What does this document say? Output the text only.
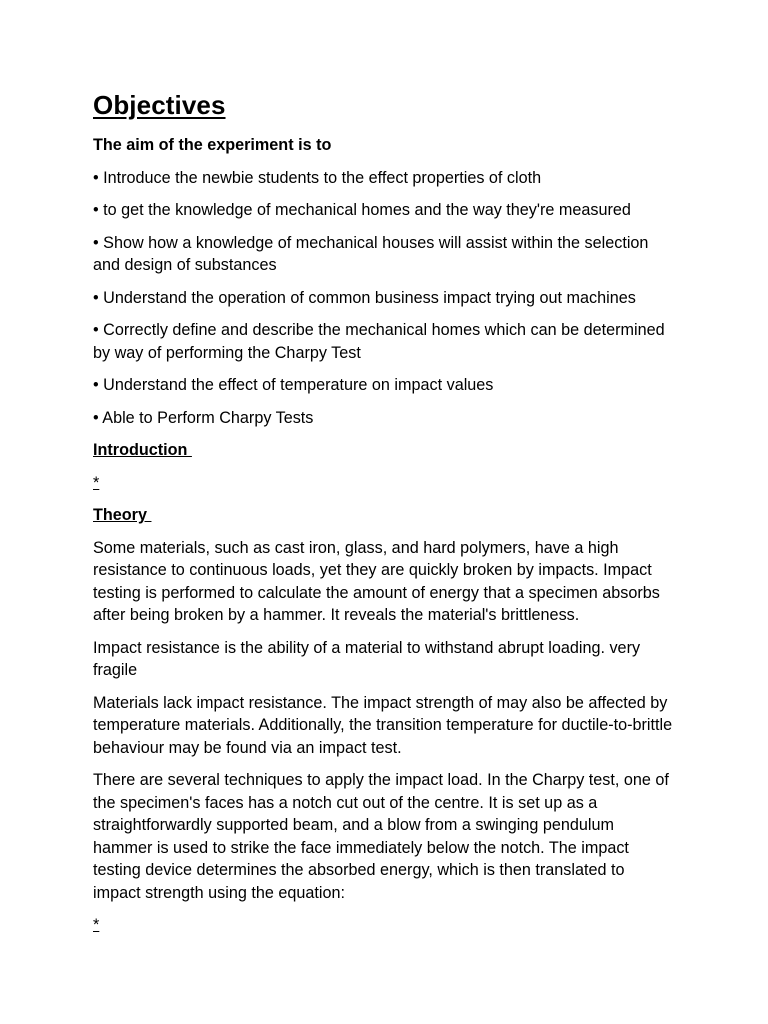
Objectives
The aim of the experiment is to
• Introduce the newbie students to the effect properties of cloth
• to get the knowledge of mechanical homes and the way they're measured
• Show how a knowledge of mechanical houses will assist within the selection and design of substances
• Understand the operation of common business impact trying out machines
• Correctly define and describe the mechanical homes which can be determined by way of performing the Charpy Test
• Understand the effect of temperature on impact values
• Able to Perform Charpy Tests
Introduction
*
Theory
Some materials, such as cast iron, glass, and hard polymers, have a high resistance to continuous loads, yet they are quickly broken by impacts. Impact testing is performed to calculate the amount of energy that a specimen absorbs after being broken by a hammer. It reveals the material's brittleness.
Impact resistance is the ability of a material to withstand abrupt loading. very fragile
Materials lack impact resistance. The impact strength of may also be affected by temperature materials. Additionally, the transition temperature for ductile-to-brittle behaviour may be found via an impact test.
There are several techniques to apply the impact load. In the Charpy test, one of the specimen's faces has a notch cut out of the centre. It is set up as a straightforwardly supported beam, and a blow from a swinging pendulum hammer is used to strike the face immediately below the notch. The impact testing device determines the absorbed energy, which is then translated to impact strength using the equation:
*
